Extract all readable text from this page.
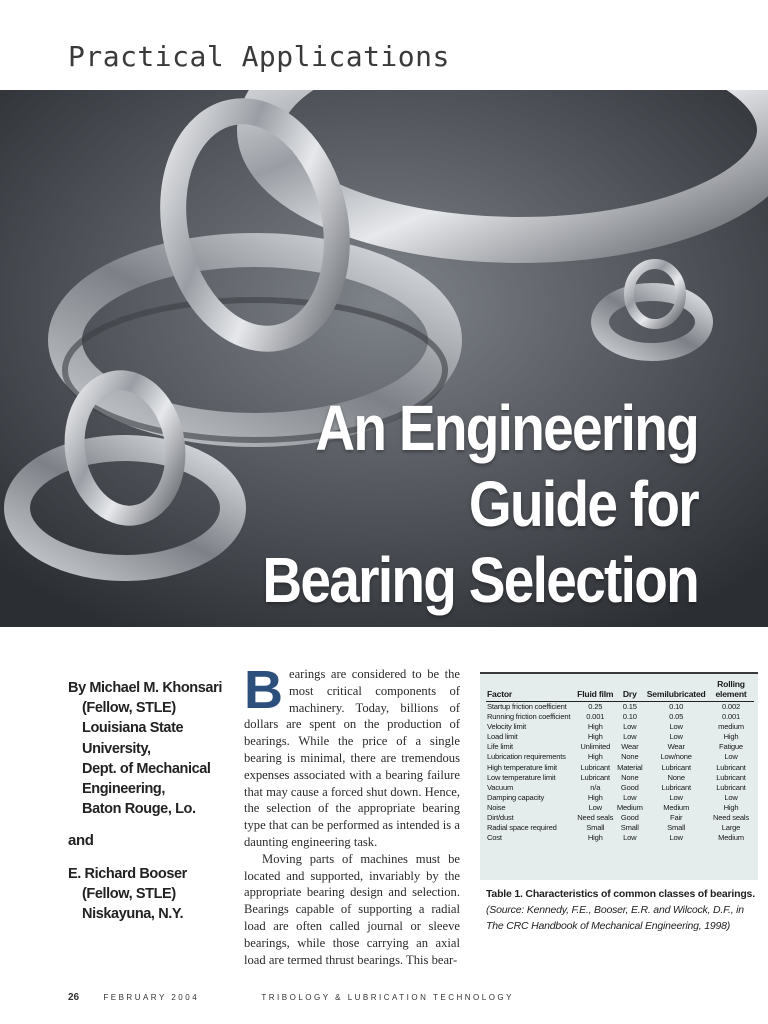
Practical Applications
An Engineering
Guide for
Bearing Selection
By Michael M. Khonsari
(Fellow, STLE)
Louisiana State
University,
Dept. of Mechanical
Engineering,
Baton Rouge, Lo.
and
E. Richard Booser
(Fellow, STLE)
Niskayuna, N.Y.

Bearings are considered to be the most critical components of machinery. Today, billions of dollars are spent on the production of bearings. While the price of a single bearing is minimal, there are tremendous expenses associated with a bearing failure that may cause a forced shut down. Hence, the selection of the appropriate bearing type that can be performed as intended is a daunting engineering task.

Moving parts of machines must be located and supported, invariably by the appropriate bearing design and selection. Bearings capable of supporting a radial load are often called journal or sleeve bearings, while those carrying an axial load are termed thrust bearings. This bear-

Factor	Fluid film	Dry	Semilubricated	Rolling element
Startup friction coefficient	0.25	0.15	0.10	0.002
Running friction coefficient	0.001	0.10	0.05	0.001
Velocity limit	High	Low	Low	medium
Load limit	High	Low	Low	High
Life limit	Unlimited	Wear	Wear	Fatigue
Lubrication requirements	High	None	Low/none	Low
High temperature limit	Lubricant	Material	Lubricant	Lubricant
Low temperature limit	Lubricant	None	None	Lubricant
Vacuum	n/a	Good	Lubricant	Lubricant
Damping capacity	High	Low	Low	Low
Noise	Low	Medium	Medium	High
Dirt/dust	Need seals	Good	Fair	Need seals
Radial space required	Small	Small	Small	Large
Cost	High	Low	Low	Medium
Table 1. Characteristics of common classes of bearings. (Source: Kennedy, F.E., Booser, E.R. and Wilcock, D.F., in The CRC Handbook of Mechanical Engineering, 1998)
26	FEBRUARY 2004	TRIBOLOGY & LUBRICATION TECHNOLOGY
